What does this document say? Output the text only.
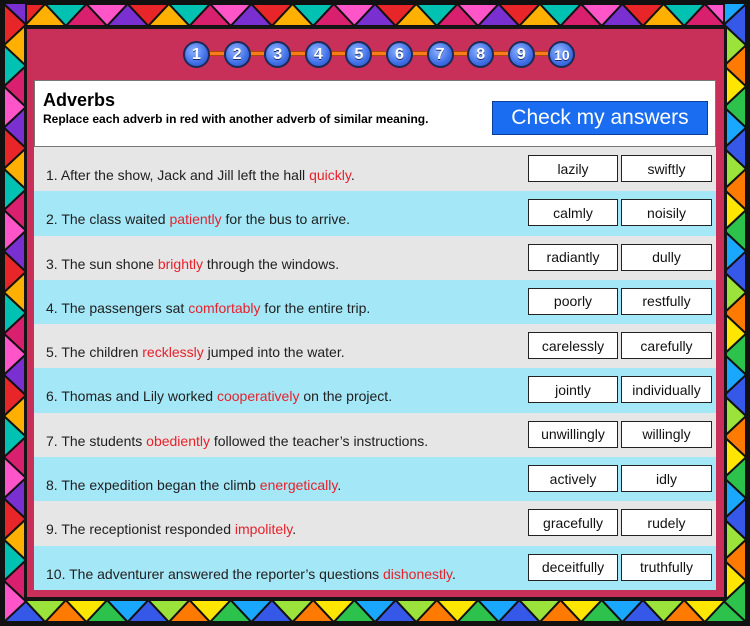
1	2	3	4	5	6	7	8	9	10
Adverbs
Replace each adverb in red with another adverb of similar meaning.	Check my answers
1. After the show, Jack and Jill left the hall quickly.	lazily	swiftly
2. The class waited patiently for the bus to arrive.	calmly	noisily
3. The sun shone brightly through the windows.	radiantly	dully
4. The passengers sat comfortably for the entire trip.	poorly	restfully
5. The children recklessly jumped into the water.	carelessly	carefully
6. Thomas and Lily worked cooperatively on the project.	jointly	individually
7. The students obediently followed the teacher’s instructions.	unwillingly	willingly
8. The expedition began the climb energetically.	actively	idly
9. The receptionist responded impolitely.	gracefully	rudely
10. The adventurer answered the reporter’s questions dishonestly.	deceitfully	truthfully
